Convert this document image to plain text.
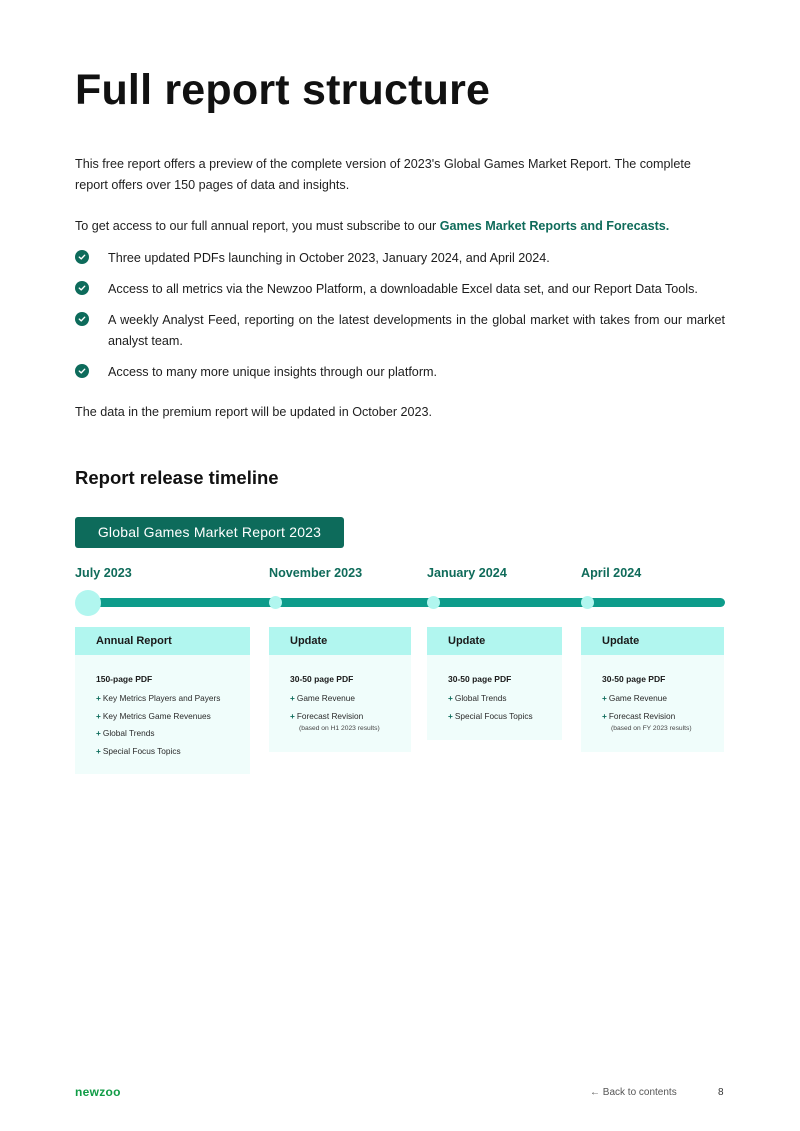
Full report structure

This free report offers a preview of the complete version of 2023's Global Games Market Report. The complete report offers over 150 pages of data and insights.

To get access to our full annual report, you must subscribe to our Games Market Reports and Forecasts.

Three updated PDFs launching in October 2023, January 2024, and April 2024.
Access to all metrics via the Newzoo Platform, a downloadable Excel data set, and our Report Data Tools.
A weekly Analyst Feed, reporting on the latest developments in the global market with takes from our market analyst team.
Access to many more unique insights through our platform.

The data in the premium report will be updated in October 2023.

Report release timeline
Global Games Market Report 2023
July 2023	November 2023	January 2024	April 2024
Annual Report
150-page PDF
+ Key Metrics Players and Payers
+ Key Metrics Game Revenues
+ Global Trends
+ Special Focus Topics
Update
30-50 page PDF
+ Game Revenue
+ Forecast Revision
(based on H1 2023 results)
Update
30-50 page PDF
+ Global Trends
+ Special Focus Topics
Update
30-50 page PDF
+ Game Revenue
+ Forecast Revision
(based on FY 2023 results)
newzoo	← Back to contents	8
